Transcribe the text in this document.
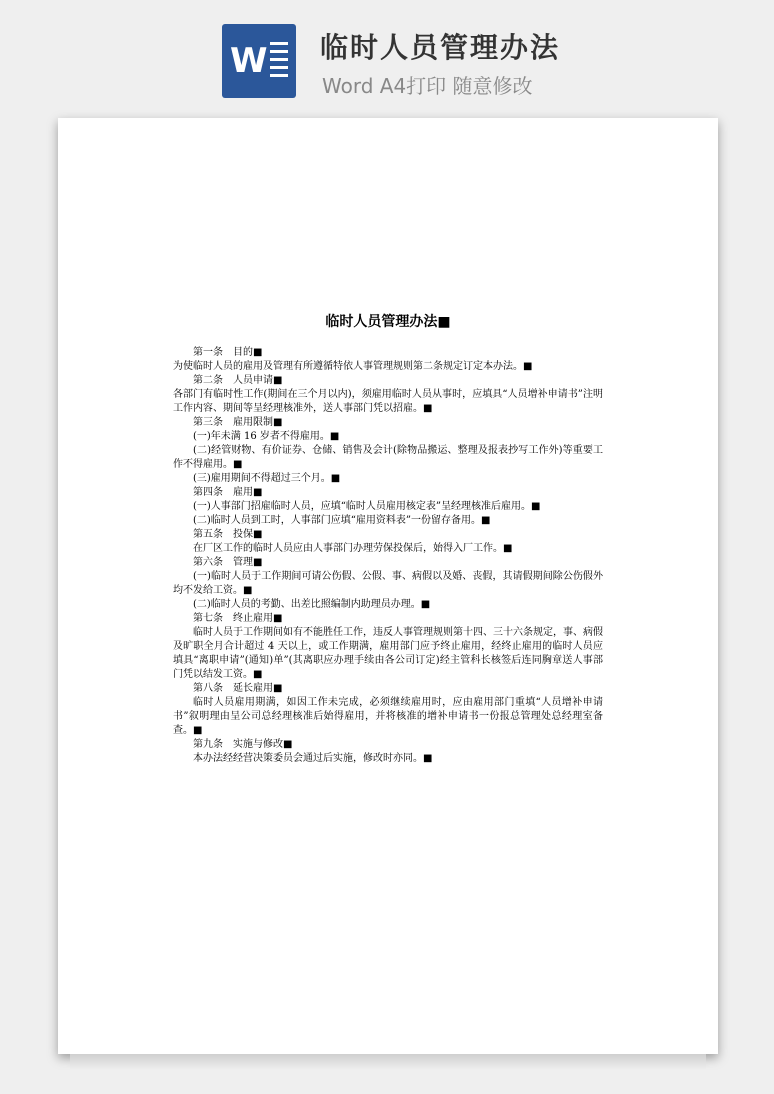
W 临时人员管理办法
Word A4打印 随意修改
临时人员管理办法■

第一条　目的■

为使临时人员的雇用及管理有所遵循特依人事管理规则第二条规定订定本办法。■

第二条　人员申请■

各部门有临时性工作(期间在三个月以内)，须雇用临时人员从事时，应填具“人员增补申请书”注明工作内容、期间等呈经理核准外，送人事部门凭以招雇。■

第三条　雇用限制■

(一)年未满 16 岁者不得雇用。■

(二)经管财物、有价证券、仓储、销售及会计(除物品搬运、整理及报表抄写工作外)等重要工作不得雇用。■

(三)雇用期间不得超过三个月。■

第四条　雇用■

(一)人事部门招雇临时人员，应填“临时人员雇用核定表”呈经理核准后雇用。■

(二)临时人员到工时，人事部门应填“雇用资料表”一份留存备用。■

第五条　投保■

在厂区工作的临时人员应由人事部门办理劳保投保后，始得入厂工作。■

第六条　管理■

(一)临时人员于工作期间可请公伤假、公假、事、病假以及婚、丧假，其请假期间除公伤假外均不发给工资。■

(二)临时人员的考勤、出差比照编制内助理员办理。■

第七条　终止雇用■

临时人员于工作期间如有不能胜任工作，违反人事管理规则第十四、三十六条规定，事、病假及旷职全月合计超过 4 天以上，或工作期满，雇用部门应予终止雇用，经终止雇用的临时人员应填具“离职申请”(通知)单”(其离职应办理手续由各公司订定)经主管科长核签后连同胸章送人事部门凭以结发工资。■

第八条　延长雇用■

临时人员雇用期满，如因工作未完成，必须继续雇用时，应由雇用部门重填“人员增补申请书”叙明理由呈公司总经理核准后始得雇用，并将核准的增补申请书一份报总管理处总经理室备查。■

第九条　实施与修改■

本办法经经营决策委员会通过后实施，修改时亦同。■
